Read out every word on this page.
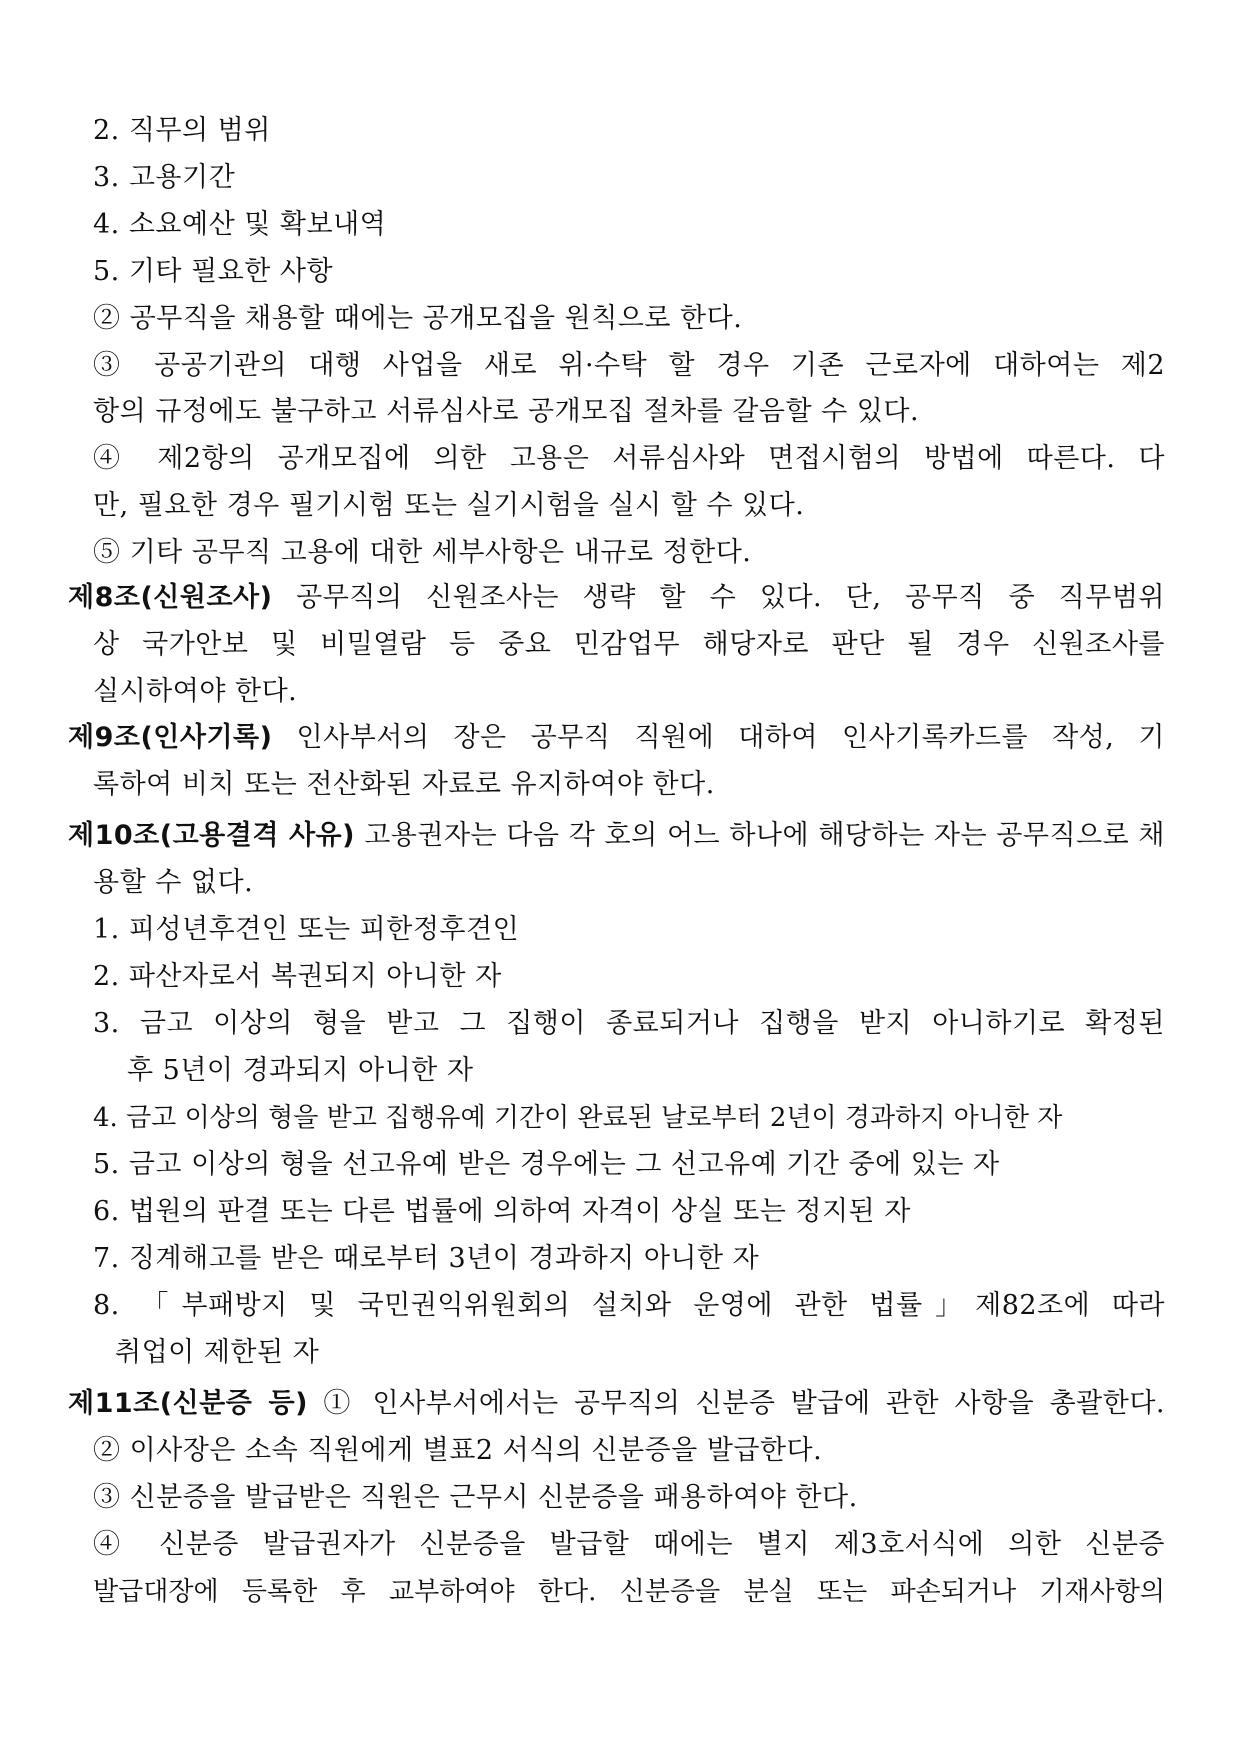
2. 직무의 범위
3. 고용기간
4. 소요예산 및 확보내역
5. 기타 필요한 사항
② 공무직을 채용할 때에는 공개모집을 원칙으로 한다.
③ 공공기관의 대행 사업을 새로 위·수탁 할 경우 기존 근로자에 대하여는 제2
항의 규정에도 불구하고 서류심사로 공개모집 절차를 갈음할 수 있다.
④ 제2항의 공개모집에 의한 고용은 서류심사와 면접시험의 방법에 따른다. 다
만, 필요한 경우 필기시험 또는 실기시험을 실시 할 수 있다.
⑤ 기타 공무직 고용에 대한 세부사항은 내규로 정한다.
제8조(신원조사) 공무직의 신원조사는 생략 할 수 있다. 단, 공무직 중 직무범위
상 국가안보 및 비밀열람 등 중요 민감업무 해당자로 판단 될 경우 신원조사를
실시하여야 한다.
제9조(인사기록) 인사부서의 장은 공무직 직원에 대하여 인사기록카드를 작성, 기
록하여 비치 또는 전산화된 자료로 유지하여야 한다.
제10조(고용결격 사유) 고용권자는 다음 각 호의 어느 하나에 해당하는 자는 공무직으로 채
용할 수 없다.
1. 피성년후견인 또는 피한정후견인
2. 파산자로서 복권되지 아니한 자
3. 금고 이상의 형을 받고 그 집행이 종료되거나 집행을 받지 아니하기로 확정된
후 5년이 경과되지 아니한 자
4. 금고 이상의 형을 받고 집행유예 기간이 완료된 날로부터 2년이 경과하지 아니한 자
5. 금고 이상의 형을 선고유예 받은 경우에는 그 선고유예 기간 중에 있는 자
6. 법원의 판결 또는 다른 법률에 의하여 자격이 상실 또는 정지된 자
7. 징계해고를 받은 때로부터 3년이 경과하지 아니한 자
8. 「부패방지 및 국민권익위원회의 설치와 운영에 관한 법률」제82조에 따라
취업이 제한된 자
제11조(신분증 등) ① 인사부서에서는 공무직의 신분증 발급에 관한 사항을 총괄한다.
② 이사장은 소속 직원에게 별표2 서식의 신분증을 발급한다.
③ 신분증을 발급받은 직원은 근무시 신분증을 패용하여야 한다.
④ 신분증 발급권자가 신분증을 발급할 때에는 별지 제3호서식에 의한 신분증
발급대장에 등록한 후 교부하여야 한다. 신분증을 분실 또는 파손되거나 기재사항의
